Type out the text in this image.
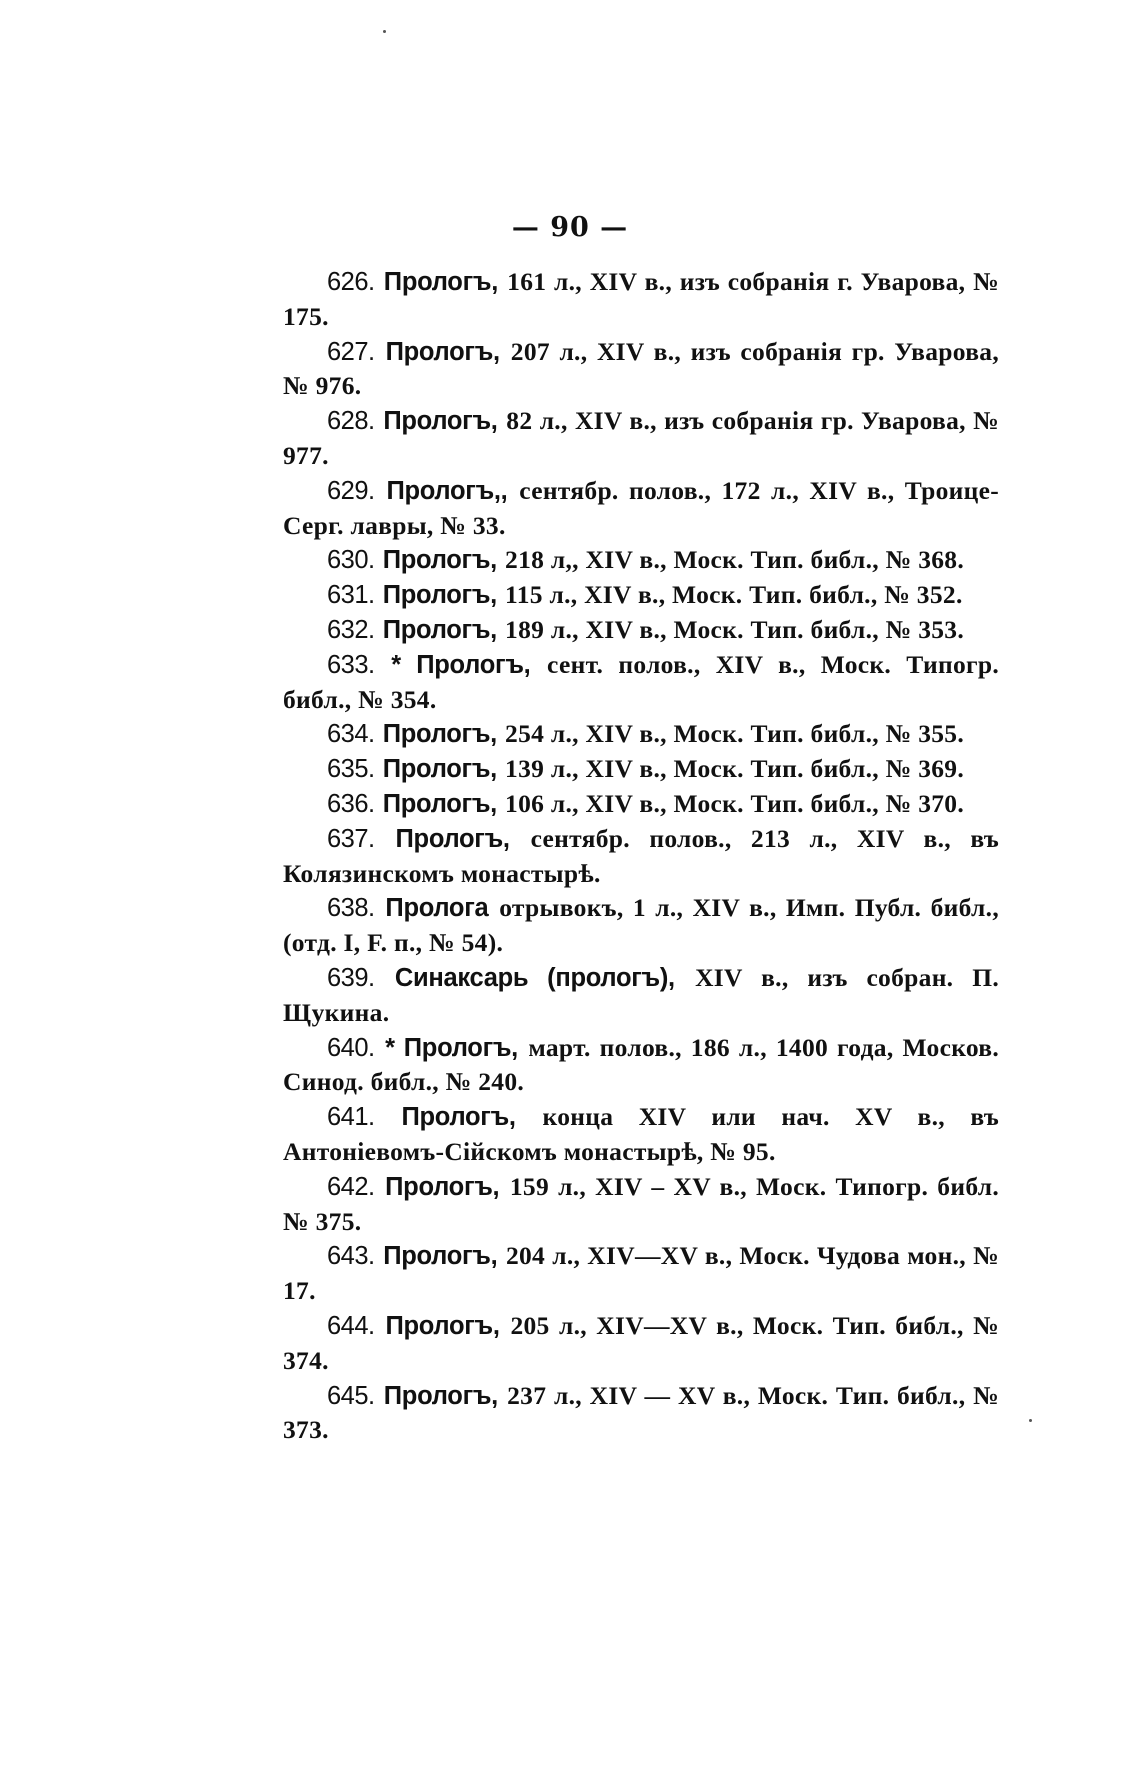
— 90 —
626. Прологъ, 161 л., XIV в., изъ собранія г. Уварова, № 175.
627. Прологъ, 207 л., XIV в., изъ собранія гр. Уварова, № 976.
628. Прологъ, 82 л., XIV в., изъ собранія гр. Уварова, № 977.
629. Прологъ,, сентябр. полов., 172 л., XIV в., Троице-Серг. лавры, № 33.
630. Прологъ, 218 л,, XIV в., Моск. Тип. библ., № 368.
631. Прологъ, 115 л., XIV в., Моск. Тип. библ., № 352.
632. Прологъ, 189 л., XIV в., Моск. Тип. библ., № 353.
633. * Прологъ, сент. полов., XIV в., Моск. Типогр. библ., № 354.
634. Прологъ, 254 л., XIV в., Моск. Тип. библ., № 355.
635. Прологъ, 139 л., XIV в., Моск. Тип. библ., № 369.
636. Прологъ, 106 л., XIV в., Моск. Тип. библ., № 370.
637. Прологъ, сентябр. полов., 213 л., XIV в., въ Колязинскомъ монастырѣ.
638. Пролога отрывокъ, 1 л., XIV в., Имп. Публ. библ., (отд. I, F. п., № 54).
639. Синаксарь (прологъ), XIV в., изъ собран. П. Щукина.
640. * Прологъ, март. полов., 186 л., 1400 года, Москов. Синод. библ., № 240.
641. Прологъ, конца XIV или нач. XV в., въ Антоніевомъ-Сійскомъ монастырѣ, № 95.
642. Прологъ, 159 л., XIV – XV в., Моск. Типогр. библ. № 375.
643. Прологъ, 204 л., XIV—XV в., Моск. Чудова мон., № 17.
644. Прологъ, 205 л., XIV—XV в., Моск. Тип. библ., № 374.
645. Прологъ, 237 л., XIV — XV в., Моск. Тип. библ., № 373.
